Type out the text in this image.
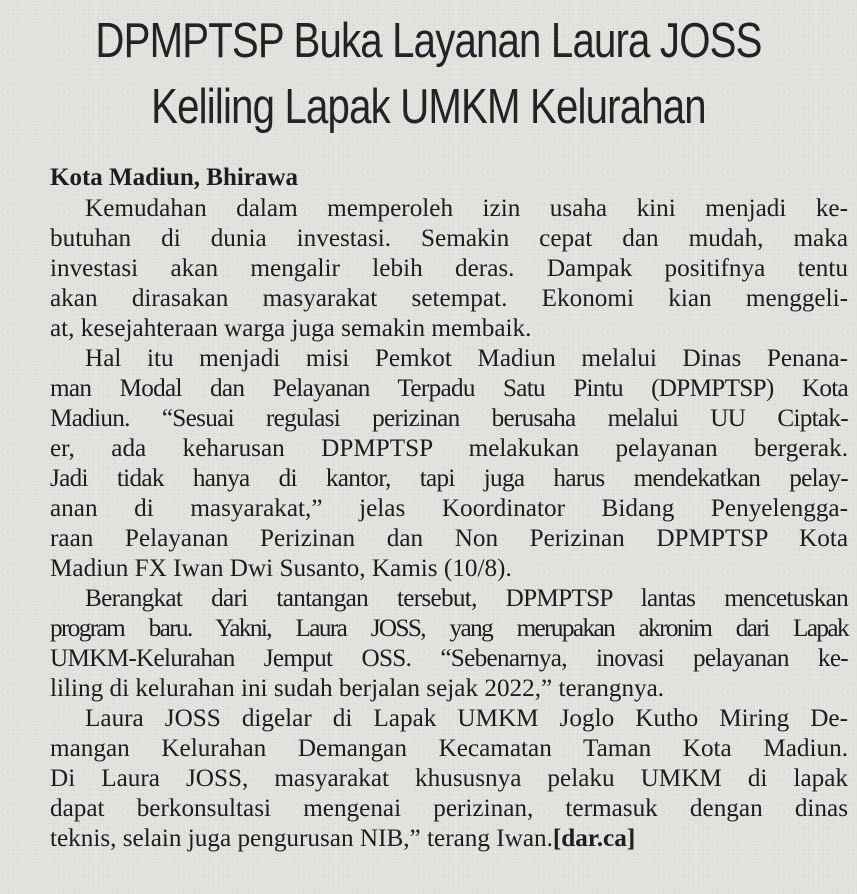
DPMPTSP Buka Layanan Laura JOSS
Keliling Lapak UMKM Kelurahan

Kota Madiun, Bhirawa

Kemudahan dalam memperoleh izin usaha kini menjadi ke-
butuhan di dunia investasi. Semakin cepat dan mudah, maka
investasi akan mengalir lebih deras. Dampak positifnya tentu
akan dirasakan masyarakat setempat. Ekonomi kian menggeli-
at, kesejahteraan warga juga semakin membaik.

Hal itu menjadi misi Pemkot Madiun melalui Dinas Penana-
man Modal dan Pelayanan Terpadu Satu Pintu (DPMPTSP) Kota
Madiun. “Sesuai regulasi perizinan berusaha melalui UU Ciptak-
er, ada keharusan DPMPTSP melakukan pelayanan bergerak.
Jadi tidak hanya di kantor, tapi juga harus mendekatkan pelay-
anan di masyarakat,” jelas Koordinator Bidang Penyelengga-
raan Pelayanan Perizinan dan Non Perizinan DPMPTSP Kota
Madiun FX Iwan Dwi Susanto, Kamis (10/8).

Berangkat dari tantangan tersebut, DPMPTSP lantas mencetuskan
program baru. Yakni, Laura JOSS, yang merupakan akronim dari Lapak
UMKM-Kelurahan Jemput OSS. “Sebenarnya, inovasi pelayanan ke-
liling di kelurahan ini sudah berjalan sejak 2022,” terangnya.

Laura JOSS digelar di Lapak UMKM Joglo Kutho Miring De-
mangan Kelurahan Demangan Kecamatan Taman Kota Madiun.
Di Laura JOSS, masyarakat khususnya pelaku UMKM di lapak
dapat berkonsultasi mengenai perizinan, termasuk dengan dinas
teknis, selain juga pengurusan NIB,” terang Iwan.[dar.ca]
